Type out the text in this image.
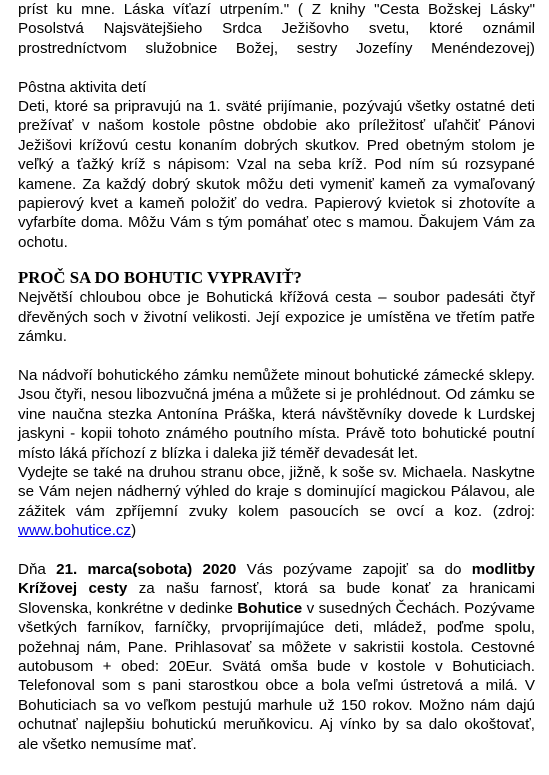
príst ku mne. Láska víťazí utrpením." ( Z knihy "Cesta Božskej Lásky" Posolstvá Najsvätejšieho Srdca Ježišovho svetu, ktoré oznámil prostredníctvom služobnice Božej, sestry Jozefíny Menéndezovej)

Pôstna aktivita detí

Deti, ktoré sa pripravujú na 1. sväté prijímanie, pozývajú všetky ostatné deti prežívať v našom kostole pôstne obdobie ako príležitosť uľahčiť Pánovi Ježišovi krížovú cestu konaním dobrých skutkov. Pred obetným stolom je veľký a ťažký kríž s nápisom: Vzal na seba kríž. Pod ním sú rozsypané kamene. Za každý dobrý skutok môžu deti vymeniť kameň za vymaľovaný papierový kvet a kameň položiť do vedra. Papierový kvietok si zhotovíte a vyfarbíte doma. Môžu Vám s tým pomáhať otec s mamou. Ďakujem Vám za ochotu.

PROČ SA DO BOHUTIC VYPRAVIŤ?

Největší chloubou obce je Bohutická křížová cesta – soubor padesáti čtyř dřevěných soch v životní velikosti. Její expozice je umístěna ve třetím patře zámku.

Na nádvoří bohutického zámku nemůžete minout bohutické zámecké sklepy. Jsou čtyři, nesou libozvučná jména a můžete si je prohlédnout. Od zámku se vine naučna stezka Antonína Práška, která návštěvníky dovede k Lurdskej jaskyni - kopii tohoto známého poutního místa. Právě toto bohutické poutní místo láká příchozí z blízka i daleka již téměř devadesát let.

Vydejte se také na druhou stranu obce, jižně, k soše sv. Michaela. Naskytne se Vám nejen nádherný výhled do kraje s dominující magickou Pálavou, ale zážitek vám zpříjemní zvuky kolem pasoucích se ovcí a koz. (zdroj: www.bohutice.cz)

Dňa 21. marca(sobota) 2020 Vás pozývame zapojiť sa do modlitby Krížovej cesty za našu farnosť, ktorá sa bude konať za hranicami Slovenska, konkrétne v dedinke Bohutice v susedných Čechách. Pozývame všetkých farníkov, farníčky, prvoprijímajúce deti, mládež, poďme spolu, požehnaj nám, Pane. Prihlasovať sa môžete v sakristii kostola. Cestovné autobusom + obed: 20Eur. Svätá omša bude v kostole v Bohuticiach. Telefonoval som s pani starostkou obce a bola veľmi ústretová a milá. V Bohuticiach sa vo veľkom pestujú marhule už 150 rokov. Možno nám dajú ochutnať najlepšiu bohutickú meruňkovicu. Aj vínko by sa dalo okoštovať, ale všetko nemusíme mať.
